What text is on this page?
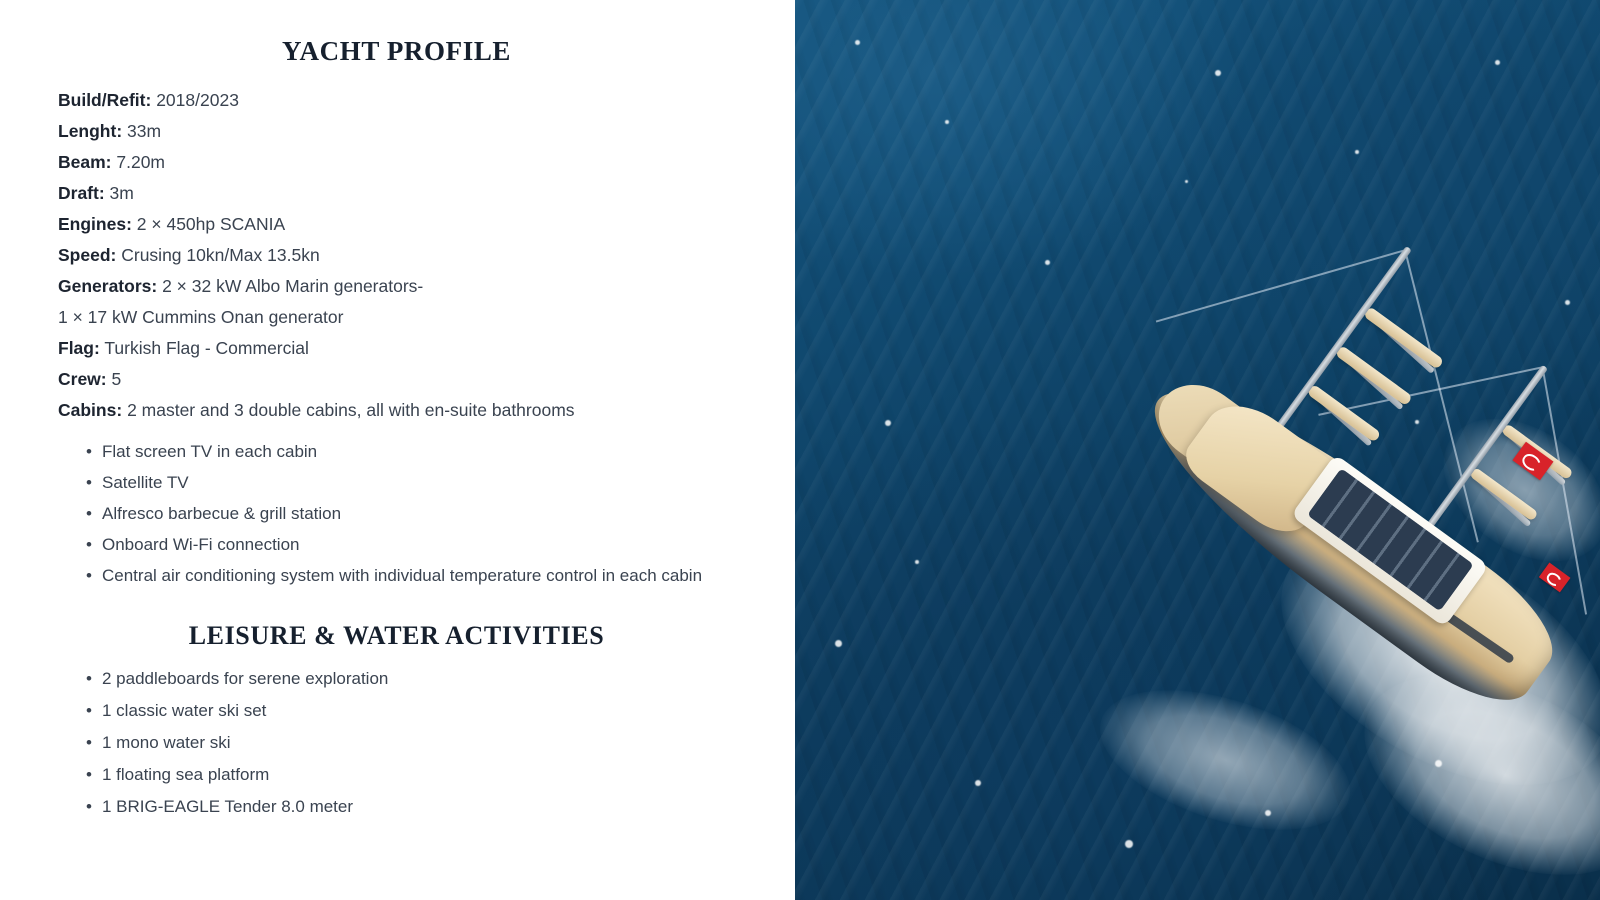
YACHT PROFILE
Build/Refit: 2018/2023
Lenght: 33m
Beam: 7.20m
Draft: 3m
Engines: 2 × 450hp SCANIA
Speed: Crusing 10kn/Max 13.5kn
Generators: 2 × 32 kW Albo Marin generators-
1 × 17 kW Cummins Onan generator
Flag: Turkish Flag - Commercial
Crew: 5
Cabins: 2 master and 3 double cabins, all with en-suite bathrooms
• Flat screen TV in each cabin
• Satellite TV
• Alfresco barbecue & grill station
• Onboard Wi-Fi connection
• Central air conditioning system with individual temperature control in each cabin
LEISURE & WATER ACTIVITIES
• 2 paddleboards for serene exploration
• 1 classic water ski set
• 1 mono water ski
• 1 floating sea platform
• 1 BRIG-EAGLE Tender 8.0 meter
